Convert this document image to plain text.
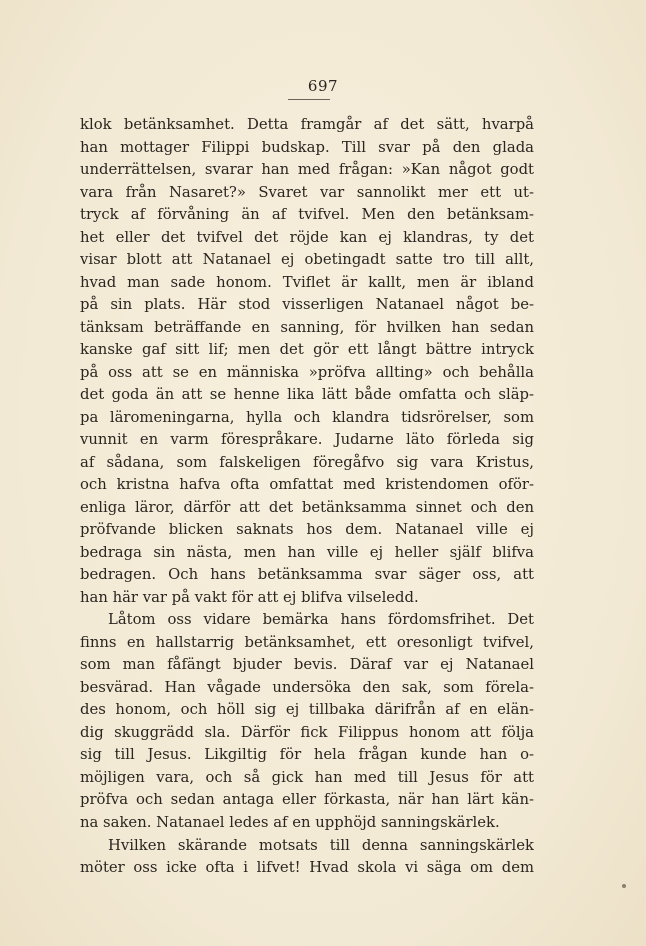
697
klok betänksamhet. Detta framgår af det sätt, hvarpå
han mottager Filippi budskap. Till svar på den glada
underrättelsen, svarar han med frågan: »Kan något godt
vara från Nasaret?» Svaret var sannolikt mer ett ut-
tryck af förvåning än af tvifvel. Men den betänksam-
het eller det tvifvel det röjde kan ej klandras, ty det
visar blott att Natanael ej obetingadt satte tro till allt,
hvad man sade honom. Tviflet är kallt, men är ibland
på sin plats. Här stod visserligen Natanael något be-
tänksam beträffande en sanning, för hvilken han sedan
kanske gaf sitt lif; men det gör ett långt bättre intryck
på oss att se en människa »pröfva allting» och behålla
det goda än att se henne lika lätt både omfatta och släp-
pa läromeningarna, hylla och klandra tidsrörelser, som
vunnit en varm förespråkare. Judarne läto förleda sig
af sådana, som falskeligen föregåfvo sig vara Kristus,
och kristna hafva ofta omfattat med kristendomen oför-
enliga läror, därför att det betänksamma sinnet och den
pröfvande blicken saknats hos dem. Natanael ville ej
bedraga sin nästa, men han ville ej heller själf blifva
bedragen. Och hans betänksamma svar säger oss, att
han här var på vakt för att ej blifva vilseledd.
Låtom oss vidare bemärka hans fördomsfrihet. Det
finns en hallstarrig betänksamhet, ett oresonligt tvifvel,
som man fåfängt bjuder bevis. Däraf var ej Natanael
besvärad. Han vågade undersöka den sak, som förela-
des honom, och höll sig ej tillbaka därifrån af en elän-
dig skuggrädd sla. Därför fick Filippus honom att följa
sig till Jesus. Likgiltig för hela frågan kunde han o-
möjligen vara, och så gick han med till Jesus för att
pröfva och sedan antaga eller förkasta, när han lärt kän-
na saken. Natanael ledes af en upphöjd sanningskärlek.
Hvilken skärande motsats till denna sanningskärlek
möter oss icke ofta i lifvet! Hvad skola vi säga om dem
